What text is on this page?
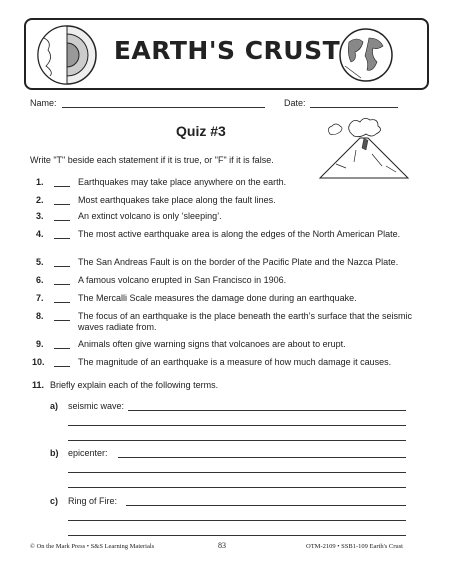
EARTH'S CRUST
Name:	Date:
Quiz #3
Write "T" beside each statement if it is true, or "F" if it is false.
1.	Earthquakes may take place anywhere on the earth.
2.	Most earthquakes take place along the fault lines.
3.	An extinct volcano is only ‘sleeping’.
4.	The most active earthquake area is along the edges of the North American Plate.
5.	The San Andreas Fault is on the border of the Pacific Plate and the Nazca Plate.
6.	A famous volcano erupted in San Francisco in 1906.
7.	The Mercalli Scale measures the damage done during an earthquake.
8.	The focus of an earthquake is the place beneath the earth’s surface that the seismic waves radiate from.
9.	Animals often give warning signs that volcanoes are about to erupt.
10.	The magnitude of an earthquake is a measure of how much damage it causes.
11. Briefly explain each of the following terms.
a) seismic wave:
b) epicenter:
c) Ring of Fire:
© On the Mark Press • S&S Learning Materials	83	OTM-2109 • SSB1-109 Earth's Crust
